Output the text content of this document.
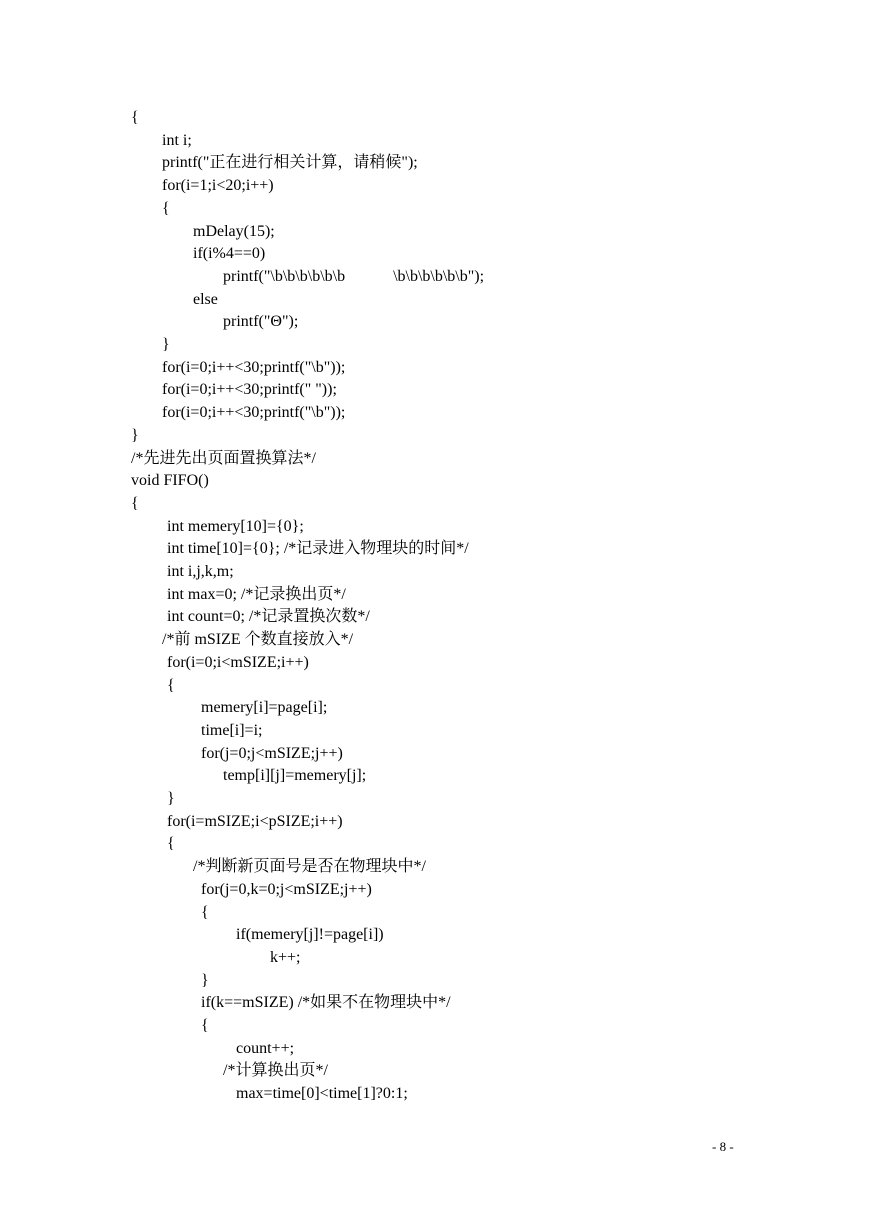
{
int i;
printf("正在进行相关计算，请稍候");
for(i=1;i<20;i++)
{
mDelay(15);
if(i%4==0)
printf("\b\b\b\b\b\b            \b\b\b\b\b\b");
else
printf("Θ");
}
for(i=0;i++<30;printf("\b"));
for(i=0;i++<30;printf(" "));
for(i=0;i++<30;printf("\b"));
}
/*先进先出页面置换算法*/
void FIFO()
{
int memery[10]={0};
int time[10]={0}; /*记录进入物理块的时间*/
int i,j,k,m;
int max=0; /*记录换出页*/
int count=0; /*记录置换次数*/
/*前 mSIZE 个数直接放入*/
for(i=0;i<mSIZE;i++)
{
memery[i]=page[i];
time[i]=i;
for(j=0;j<mSIZE;j++)
temp[i][j]=memery[j];
}
for(i=mSIZE;i<pSIZE;i++)
{
/*判断新页面号是否在物理块中*/
for(j=0,k=0;j<mSIZE;j++)
{
if(memery[j]!=page[i])
k++;
}
if(k==mSIZE) /*如果不在物理块中*/
{
count++;
/*计算换出页*/
max=time[0]<time[1]?0:1;
- 8 -
